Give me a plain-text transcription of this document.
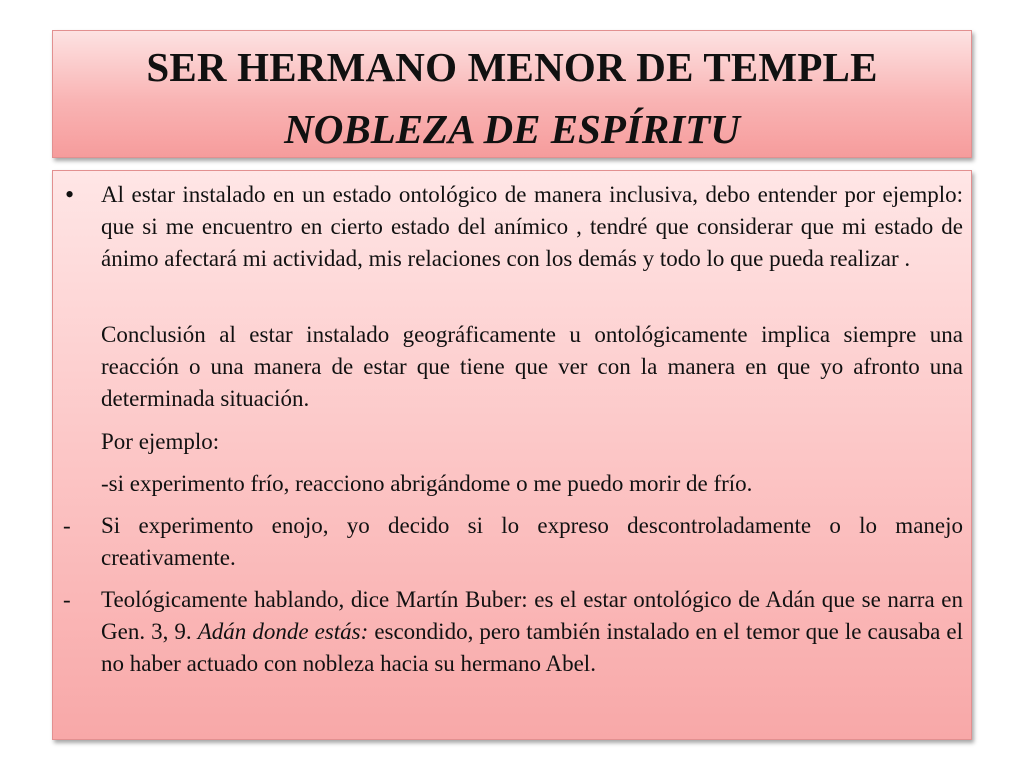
SER HERMANO MENOR DE TEMPLE
NOBLEZA DE ESPÍRITU
•	Al estar instalado en un estado ontológico de manera inclusiva, debo entender por ejemplo: que si me encuentro en cierto estado del anímico , tendré que considerar que mi estado de ánimo afectará mi actividad, mis relaciones con los demás y todo lo que pueda realizar .
Conclusión al estar instalado geográficamente u ontológicamente implica siempre una reacción o una manera de estar que tiene que ver con la manera en que yo afronto una determinada situación.
Por ejemplo:
-si experimento frío, reacciono abrigándome o me puedo morir de frío.
-	Si experimento enojo, yo decido si lo expreso descontroladamente o lo manejo creativamente.
-	Teológicamente hablando, dice Martín Buber: es el estar ontológico de Adán que se narra en Gen. 3, 9. Adán donde estás: escondido, pero también instalado en el temor que le causaba el no haber actuado con nobleza hacia su hermano Abel.
